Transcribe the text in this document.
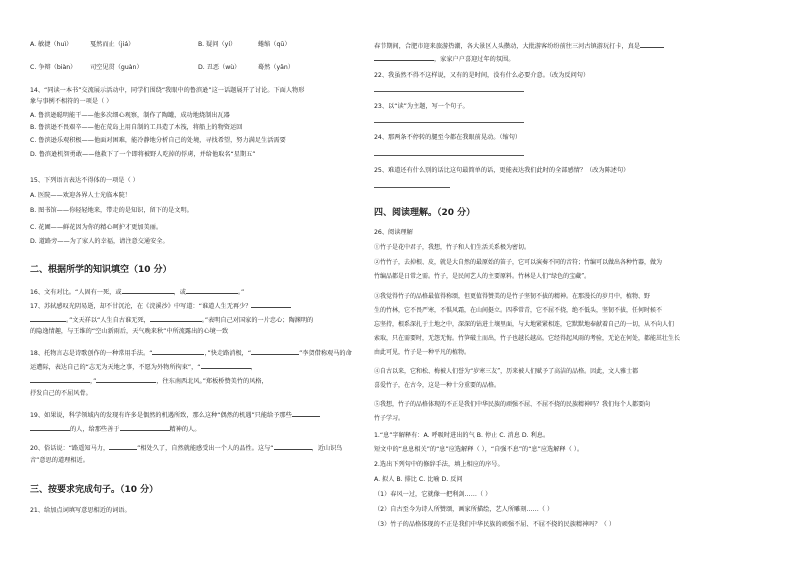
A. 敏捷（huì）	戛然而止（jiá）	B. 疑问（yí）	蜷缩（qū）
C. 争辩（biàn） 司空见贯（guàn）	D. 丑恶（wù）	蓦然（yān）
14、“同读一本书”交流展示活动中，同学们围绕“我眼中的鲁滨逊”这一话题展开了讨论。下面人物形
象与事例不相符的一项是（ ）
A. 鲁滨逊聪明能干——他多次细心观察，制作了陶罐，成功地烧制出瓦器
B. 鲁滨逊不畏艰辛——他在荒岛上用自制的工具造了木筏，将船上的物资运回
C. 鲁滨逊乐观积极——他面对困难，能冷静地分析自己的处境，寻找希望，努力满足生活需要
D. 鲁滨逊机智勇敢——他救下了一个即将被野人吃掉的俘虏，并给他取名“星期五”
15、下列语言表达不得体的一项是（ ）
A. 医院——欢迎各界人士光临本院！
B. 图书馆——你轻轻地来，带走的是知识，留下的是文明。
C. 花圃——鲜花因为你的精心呵护才更加美丽。
D. 道路旁——为了家人的幸福，请注意交通安全。
二、根据所学的知识填空（10 分）
16、文有对比。“人固有一死，或	，或	。”
17、苏轼感叹光阴易逝，却不甘沉沦，在《浣溪沙》中写道：“谁道人生无再少？
。”文天祥以“人生自古谁无死，	。”表明自己对国家的一片忠心；陶渊明的
的隐逸情趣，与王维的“空山新雨后，天气晚来秋”中所流露出的心境一致
18、托物言志是诗歌创作的一种常用手法。“	，”快走路消极，“	”李贺借称观马的命
运遭际，表达自己的“志无为天地之事，不愿为外物所拘束”，“	，
，”	，往东南西北风。”郑板桥赞美竹的风格，
抒发自己的不屈风骨。
19、如果说，科学领域内的发现有许多是偶然的机遇所致，那么这种“偶然的机遇”只能给予那些
的人，给那些善于	精神的人。
20、俗话说：“路遥知马力，	”相处久了，自然就能感受出一个人的品性。这与“	，近山识鸟
音”意思的道理相近。
三、按要求完成句子。（10 分）
21、给加点词填写意思相近的词语。
春节期间，合肥市迎来旅游热潮，各大景区人头攒动，大批游客纷纷前往三河古镇游玩打卡，真是
，家家户户喜迎过年的氛围。
22、我虽然不得不这样说，又有的是时间，没有什么必要介意。（改为反问句）
23、以“读”为主题，写一个句子。
24、那两条不停转的腿至今都在我眼前晃动。（缩句）
25、难道还有什么别的话比这句最简单的话，更能表达我们此时的全部感情？（改为陈述句）
四、阅读理解。（20 分）
26、阅读理解
①竹子是花中君子，我想，竹子和人们生活关系极为密切。
②竹竹子，去掉根、皮，就是大自然的最原始的笛子，它可以演奏不同的音符；竹编可以做出各种竹器，做为
竹编品都是日常之需。竹子，是民间艺人的主要原料。竹林是人们“绿色的宝藏”。
③我觉得竹子的品格最值得称颂，但更值得赞美的是竹子坚韧不拔的精神。在那漫长的岁月中，植物、野
生的竹林，它不畏严寒，不惧风霜，在山间挺立。四季常青，它不屈不挠，绝不低头，坚韧不拔，任何时候不
忘坚持，根系深扎于土地之中，深深的钻进土壤里面，与大地紧紧相连，它默默地奉献着自己的一切，从不向人们
索取，只在需要时，无怨无悔。竹笋破土而出，竹子也越长越高。它经得起风雨的考验，无论在何处，都能茁壮生长
由此可见，竹子是一种平凡的植物。
④自古以来，它和松、梅被人们誉为“岁寒三友”，历来被人们赋予了高洁的品格。因此，文人雅士都
喜爱竹子，在古今，这是一种十分重要的品格。
⑤我想，竹子的品格体现的不正是我们中华民族的顽强不屈、不屈不挠的民族精神吗？我们每个人都要向
竹子学习。
1.“息”字解释有：A. 呼吸时进出的气 B. 停止 C. 消息 D. 利息。
短文中的“息息相关”的“息”应选解释（ ），“自强不息”的“息”应选解释（ ）。
2.选出下列句中的修辞手法，填上相应的序号。
A. 拟人 B. 排比 C. 比喻 D. 反问
（1）春风一过，它就像一把利剑……（ ）
（2）自古至今为诗人所赞颂，画家所描绘，艺人所雕刻……（ ）
（3）竹子的品格体现的不正是我们中华民族的顽强不屈、不屈不挠的民族精神吗？（ ）
